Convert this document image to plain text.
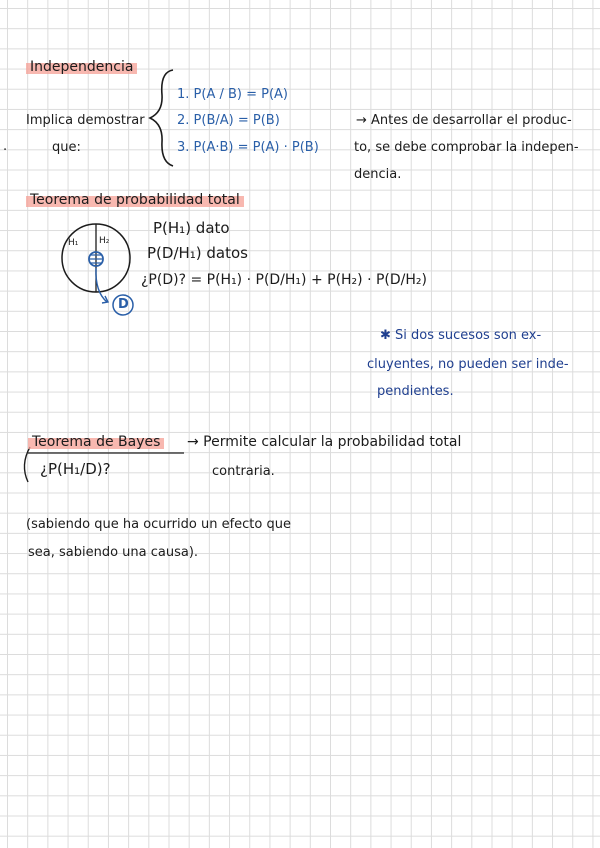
Independencia
Implica demostrar
que:
·
1. P(A / B) = P(A)
2. P(B/A) = P(B)
3. P(A·B) = P(A) · P(B)
→ Antes de desarrollar el produc-
to, se debe comprobar la indepen-
dencia.
Teorema de probabilidad total
H₁ H₂
D
P(H₁) dato
P(D/H₁) datos
¿P(D)? = P(H₁) · P(D/H₁) + P(H₂) · P(D/H₂)
✱ Si dos sucesos son ex-
cluyentes, no pueden ser inde-
pendientes.
Teorema de Bayes → Permite calcular la probabilidad total
contraria.
¿P(H₁/D)?
(sabiendo que ha ocurrido un efecto que
sea, sabiendo una causa).
